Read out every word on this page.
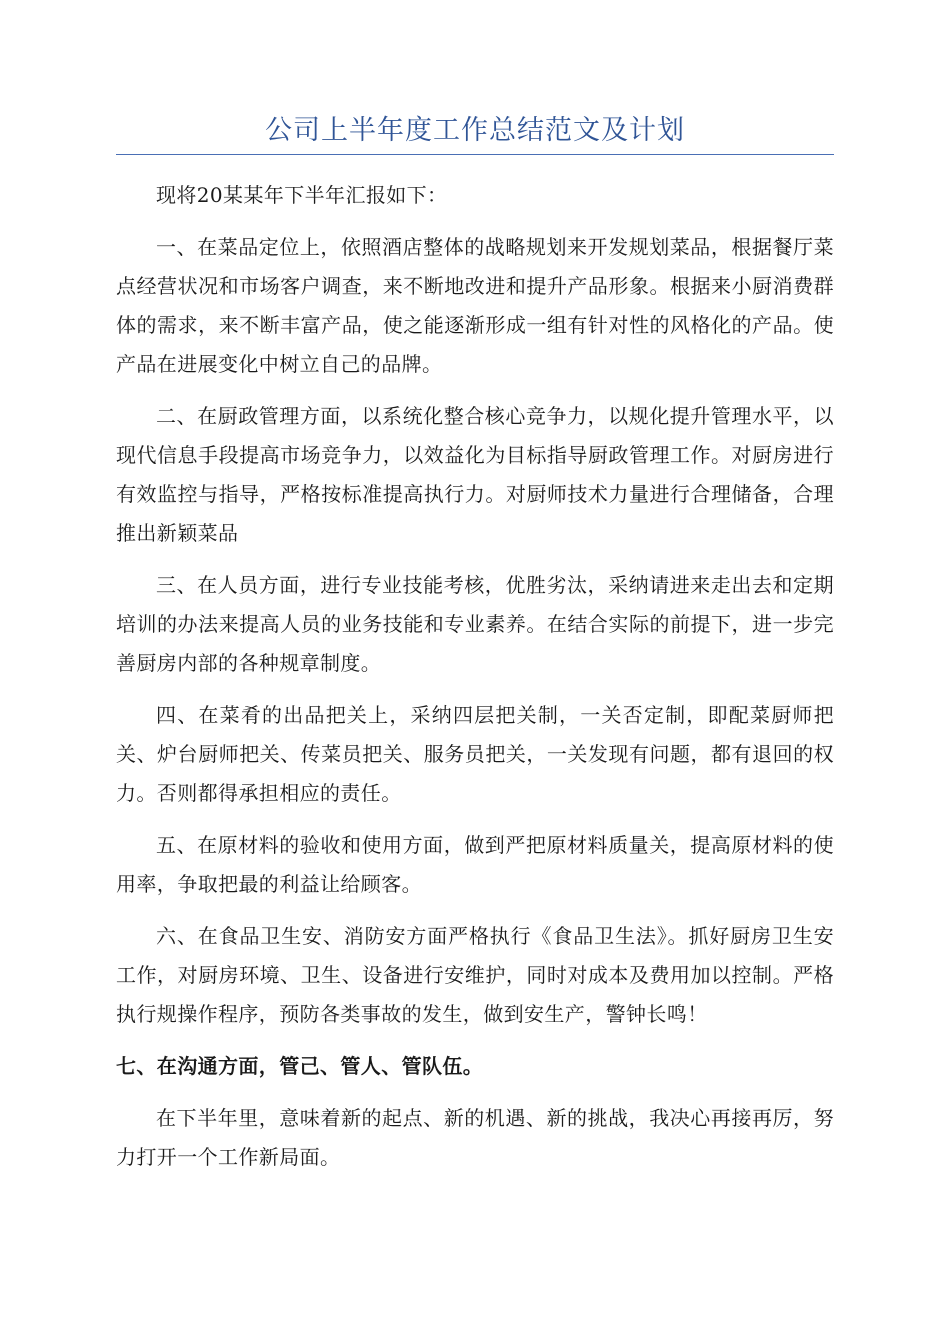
公司上半年度工作总结范文及计划

现将20某某年下半年汇报如下：

一、在菜品定位上，依照酒店整体的战略规划来开发规划菜品，根据餐厅菜点经营状况和市场客户调查，来不断地改进和提升产品形象。根据来小厨消费群体的需求，来不断丰富产品，使之能逐渐形成一组有针对性的风格化的产品。使产品在进展变化中树立自己的品牌。

二、在厨政管理方面，以系统化整合核心竞争力，以规化提升管理水平，以现代信息手段提高市场竞争力，以效益化为目标指导厨政管理工作。对厨房进行有效监控与指导，严格按标准提高执行力。对厨师技术力量进行合理储备，合理推出新颖菜品

三、在人员方面，进行专业技能考核，优胜劣汰，采纳请进来走出去和定期培训的办法来提高人员的业务技能和专业素养。在结合实际的前提下，进一步完善厨房内部的各种规章制度。

四、在菜肴的出品把关上，采纳四层把关制，一关否定制，即配菜厨师把关、炉台厨师把关、传菜员把关、服务员把关，一关发现有问题，都有退回的权力。否则都得承担相应的责任。

五、在原材料的验收和使用方面，做到严把原材料质量关，提高原材料的使用率，争取把最的利益让给顾客。

六、在食品卫生安、消防安方面严格执行《食品卫生法》。抓好厨房卫生安工作，对厨房环境、卫生、设备进行安维护，同时对成本及费用加以控制。严格执行规操作程序，预防各类事故的发生，做到安生产，警钟长鸣！

七、在沟通方面，管己、管人、管队伍。

在下半年里，意味着新的起点、新的机遇、新的挑战，我决心再接再厉，努力打开一个工作新局面。
